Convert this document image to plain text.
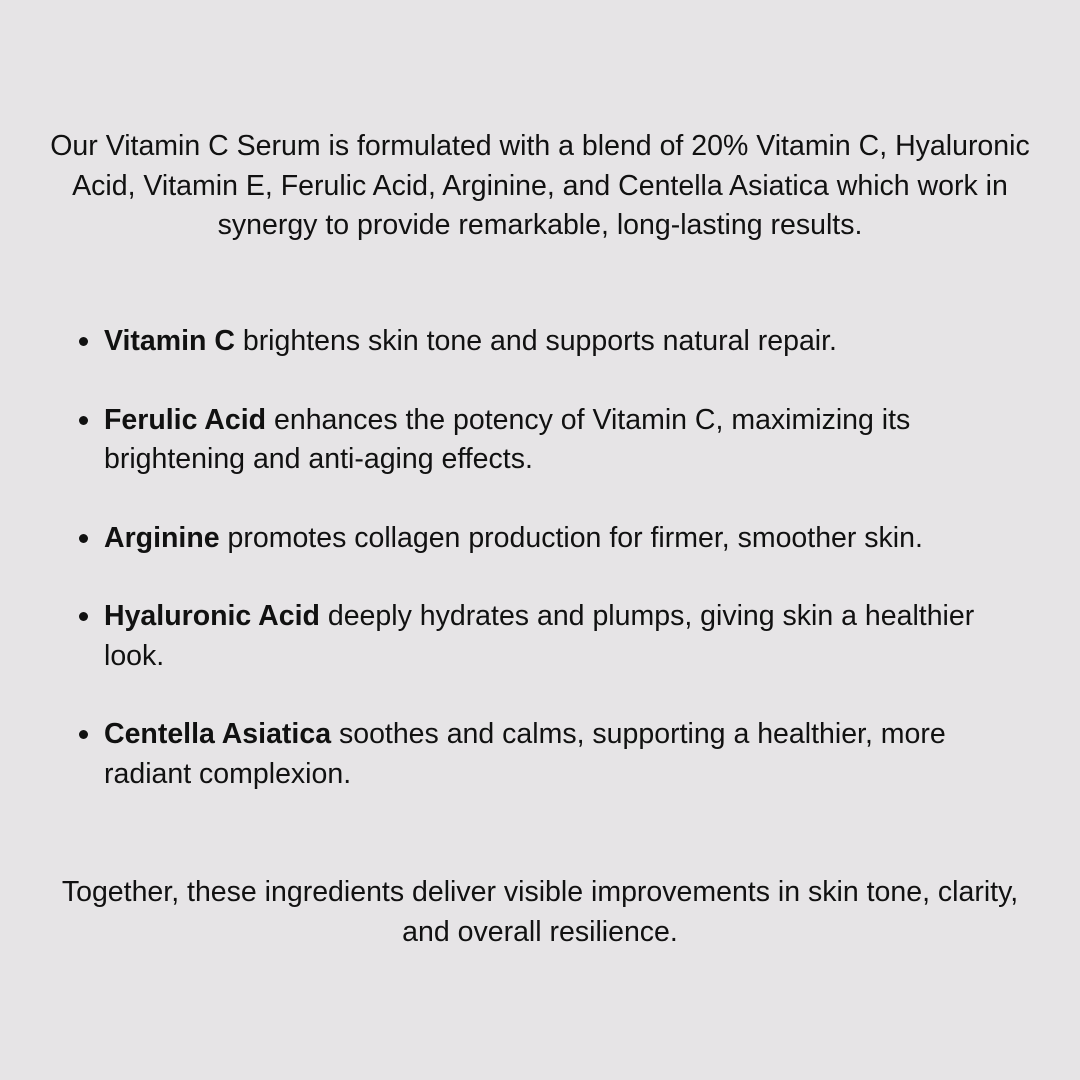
Our Vitamin C Serum is formulated with a blend of 20% Vitamin C, Hyaluronic Acid, Vitamin E, Ferulic Acid, Arginine, and Centella Asiatica which work in synergy to provide remarkable, long-lasting results.

Vitamin C brightens skin tone and supports natural repair.
Ferulic Acid enhances the potency of Vitamin C, maximizing its brightening and anti-aging effects.
Arginine promotes collagen production for firmer, smoother skin.
Hyaluronic Acid deeply hydrates and plumps, giving skin a healthier look.
Centella Asiatica soothes and calms, supporting a healthier, more radiant complexion.

Together, these ingredients deliver visible improvements in skin tone, clarity, and overall resilience.
